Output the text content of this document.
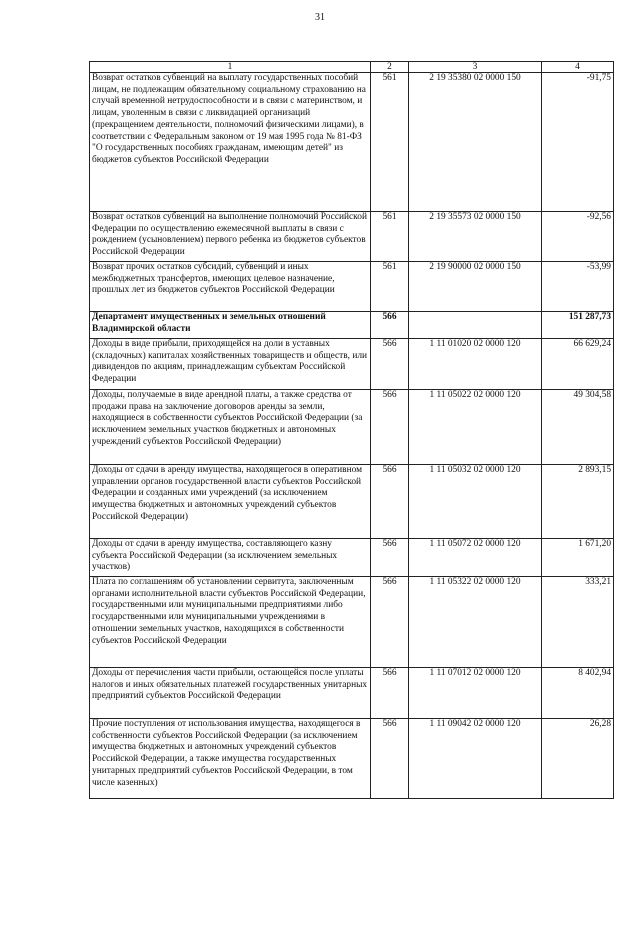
31
1	2	3	4
Возврат остатков субвенций на выплату государственных пособий лицам, не подлежащим обязательному социальному страхованию на случай временной нетрудоспособности и в связи с материнством, и лицам, уволенным в связи с ликвидацией организаций (прекращением деятельности, полномочий физическими лицами), в соответствии с Федеральным законом от 19 мая 1995 года № 81-ФЗ "О государственных пособиях гражданам, имеющим детей" из бюджетов субъектов Российской Федерации	561	2 19 35380 02 0000 150	-91,75
Возврат остатков субвенций на выполнение полномочий Российской Федерации по осуществлению ежемесячной выплаты в связи с рождением (усыновлением) первого ребенка из бюджетов субъектов Российской Федерации	561	2 19 35573 02 0000 150	-92,56
Возврат прочих остатков субсидий, субвенций и иных межбюджетных трансфертов, имеющих целевое назначение, прошлых лет из бюджетов субъектов Российской Федерации	561	2 19 90000 02 0000 150	-53,99
Департамент имущественных и земельных отношений Владимирской области	566		151 287,73
Доходы в виде прибыли, приходящейся на доли в уставных (складочных) капиталах хозяйственных товариществ и обществ, или дивидендов по акциям, принадлежащим субъектам Российской Федерации	566	1 11 01020 02 0000 120	66 629,24
Доходы, получаемые в виде арендной платы, а также средства от продажи права на заключение договоров аренды за земли, находящиеся в собственности субъектов Российской Федерации (за исключением земельных участков бюджетных и автономных учреждений субъектов Российской Федерации)	566	1 11 05022 02 0000 120	49 304,58
Доходы от сдачи в аренду имущества, находящегося в оперативном управлении органов государственной власти субъектов Российской Федерации и созданных ими учреждений (за исключением имущества бюджетных и автономных учреждений субъектов Российской Федерации)	566	1 11 05032 02 0000 120	2 893,15
Доходы от сдачи в аренду имущества, составляющего казну субъекта Российской Федерации (за исключением земельных участков)	566	1 11 05072 02 0000 120	1 671,20
Плата по соглашениям об установлении сервитута, заключенным органами исполнительной власти субъектов Российской Федерации, государственными или муниципальными предприятиями либо государственными или муниципальными учреждениями в отношении земельных участков, находящихся в собственности субъектов Российской Федерации	566	1 11 05322 02 0000 120	333,21
Доходы от перечисления части прибыли, остающейся после уплаты налогов и иных обязательных платежей государственных унитарных предприятий субъектов Российской Федерации	566	1 11 07012 02 0000 120	8 402,94
Прочие поступления от использования имущества, находящегося в собственности субъектов Российской Федерации (за исключением имущества бюджетных и автономных учреждений субъектов Российской Федерации, а также имущества государственных унитарных предприятий субъектов Российской Федерации, в том числе казенных)	566	1 11 09042 02 0000 120	26,28
